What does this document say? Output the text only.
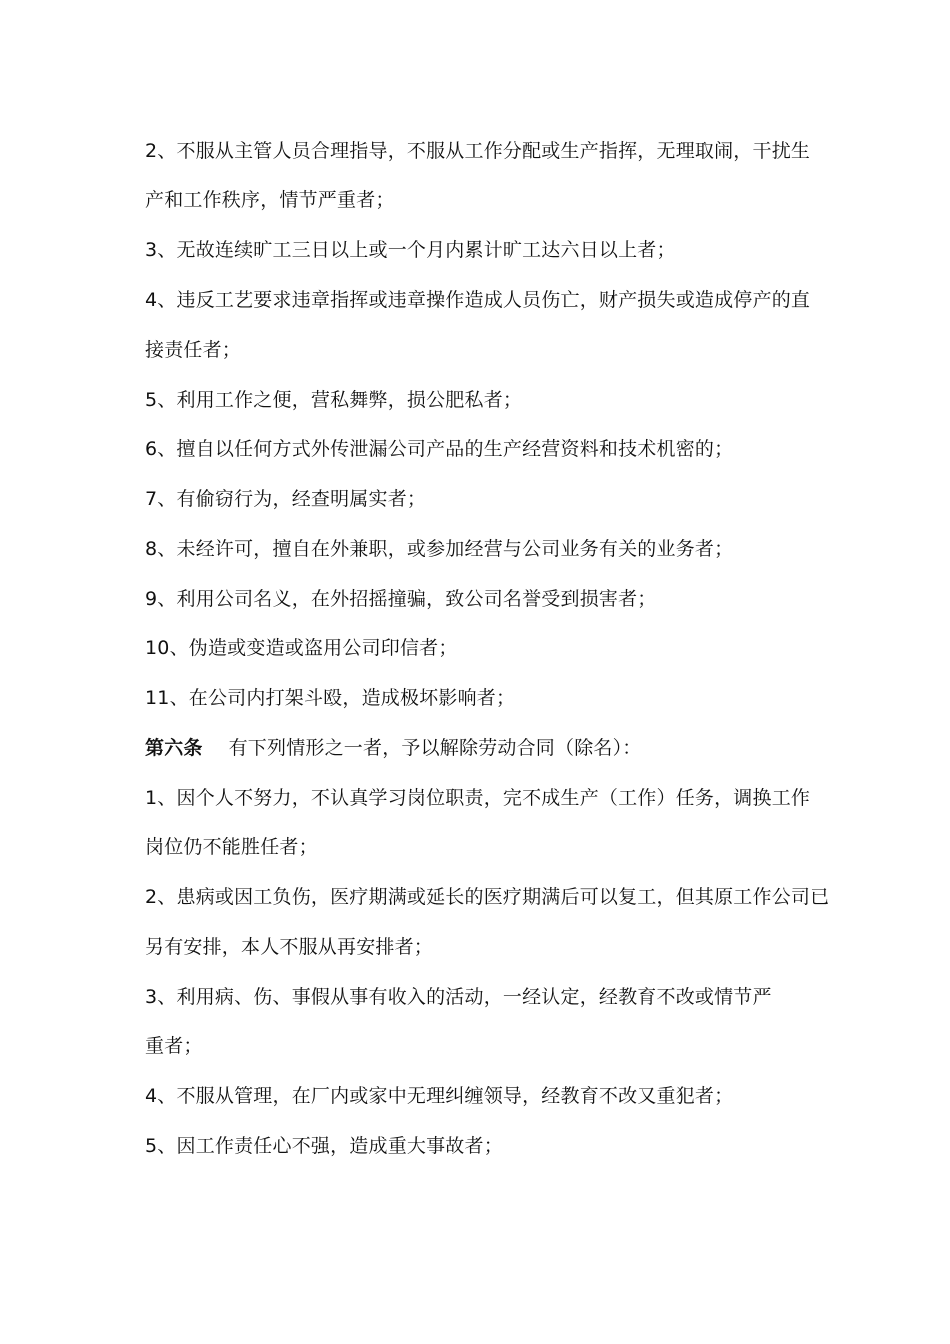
2、不服从主管人员合理指导，不服从工作分配或生产指挥，无理取闹，干扰生
产和工作秩序，情节严重者；
3、无故连续旷工三日以上或一个月内累计旷工达六日以上者；
4、违反工艺要求违章指挥或违章操作造成人员伤亡，财产损失或造成停产的直
接责任者；
5、利用工作之便，营私舞弊，损公肥私者；
6、擅自以任何方式外传泄漏公司产品的生产经营资料和技术机密的；
7、有偷窃行为，经查明属实者；
8、未经许可，擅自在外兼职，或参加经营与公司业务有关的业务者；
9、利用公司名义，在外招摇撞骗，致公司名誉受到损害者；
10、伪造或变造或盗用公司印信者；
11、在公司内打架斗殴，造成极坏影响者；
第六条 有下列情形之一者，予以解除劳动合同（除名）：
1、因个人不努力，不认真学习岗位职责，完不成生产（工作）任务，调换工作
岗位仍不能胜任者；
2、患病或因工负伤，医疗期满或延长的医疗期满后可以复工，但其原工作公司已
另有安排，本人不服从再安排者；
3、利用病、伤、事假从事有收入的活动，一经认定，经教育不改或情节严
重者；
4、不服从管理，在厂内或家中无理纠缠领导，经教育不改又重犯者；
5、因工作责任心不强，造成重大事故者；
